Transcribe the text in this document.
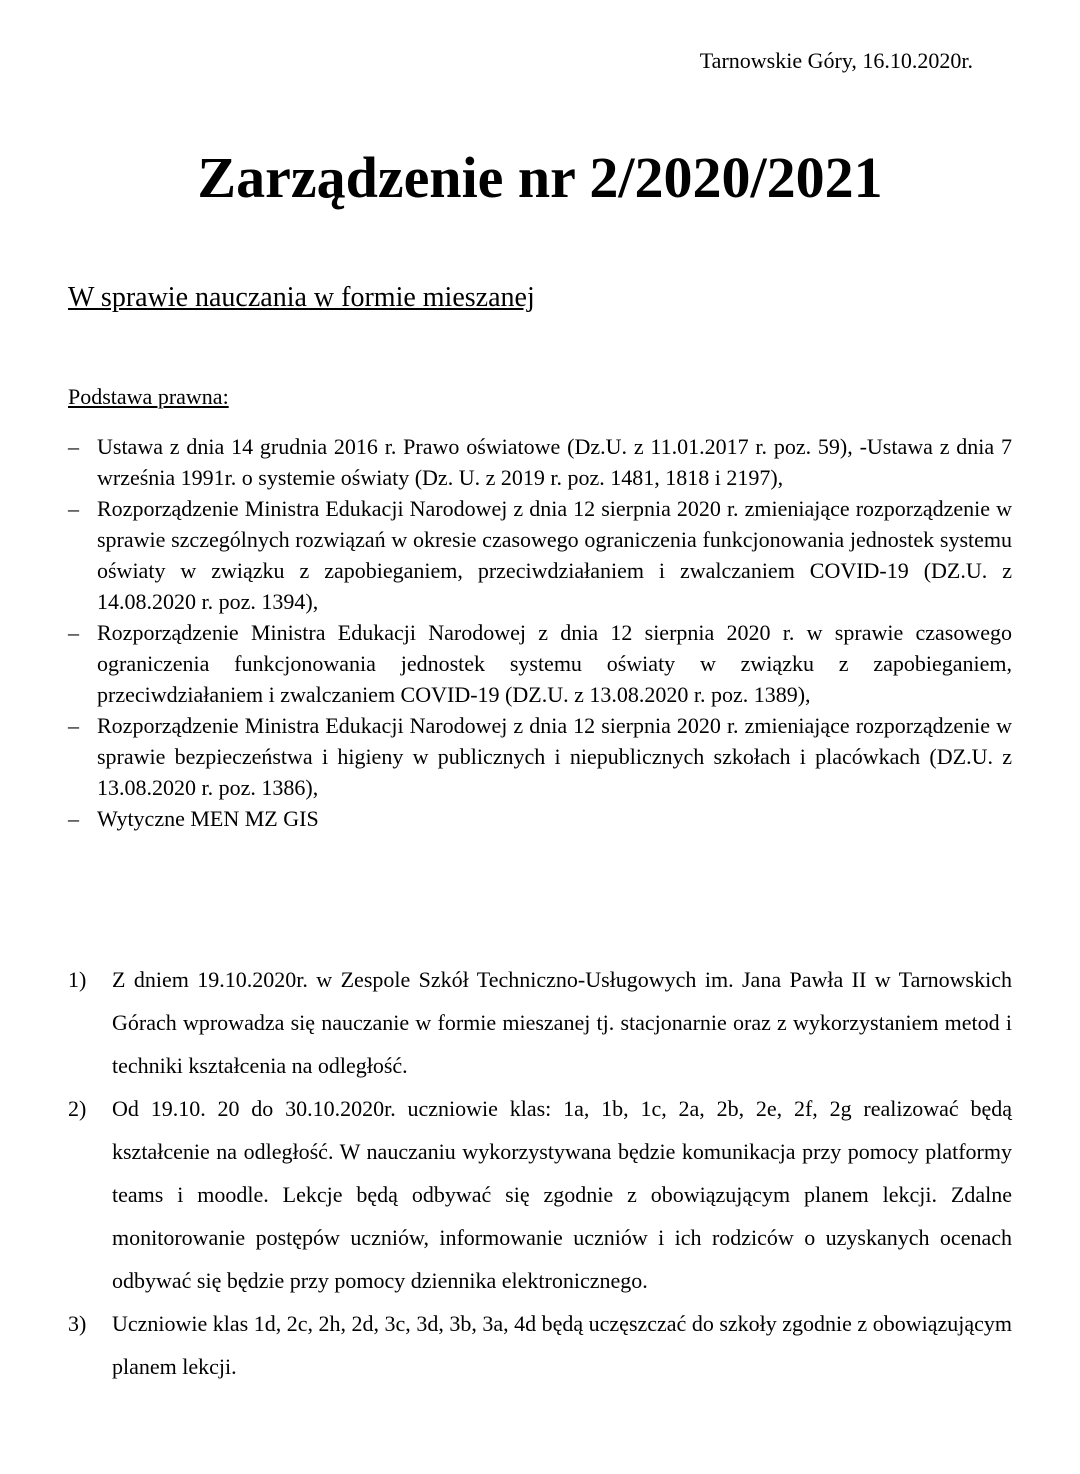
Tarnowskie Góry, 16.10.2020r.
Zarządzenie nr 2/2020/2021

W sprawie nauczania w formie mieszanej

Podstawa prawna:

– Ustawa z dnia 14 grudnia 2016 r. Prawo oświatowe (Dz.U. z 11.01.2017 r. poz. 59), -Ustawa z dnia 7 września 1991r. o systemie oświaty (Dz. U. z 2019 r. poz. 1481, 1818 i 2197),
– Rozporządzenie Ministra Edukacji Narodowej z dnia 12 sierpnia 2020 r. zmieniające rozporządzenie w sprawie szczególnych rozwiązań w okresie czasowego ograniczenia funkcjonowania jednostek systemu oświaty w związku z zapobieganiem, przeciwdziałaniem i zwalczaniem COVID-19 (DZ.U. z 14.08.2020 r. poz. 1394),
– Rozporządzenie Ministra Edukacji Narodowej z dnia 12 sierpnia 2020 r. w sprawie czasowego ograniczenia funkcjonowania jednostek systemu oświaty w związku z zapobieganiem, przeciwdziałaniem i zwalczaniem COVID-19 (DZ.U. z 13.08.2020 r. poz. 1389),
– Rozporządzenie Ministra Edukacji Narodowej z dnia 12 sierpnia 2020 r. zmieniające rozporządzenie w sprawie bezpieczeństwa i higieny w publicznych i niepublicznych szkołach i placówkach (DZ.U. z 13.08.2020 r. poz. 1386),
– Wytyczne MEN MZ GIS
1) Z dniem 19.10.2020r. w Zespole Szkół Techniczno-Usługowych im. Jana Pawła II w Tarnowskich Górach wprowadza się nauczanie w formie mieszanej tj. stacjonarnie oraz z wykorzystaniem metod i techniki kształcenia na odległość.
2) Od 19.10. 20 do 30.10.2020r. uczniowie klas: 1a, 1b, 1c, 2a, 2b, 2e, 2f, 2g realizować będą kształcenie na odległość. W nauczaniu wykorzystywana będzie komunikacja przy pomocy platformy teams i moodle. Lekcje będą odbywać się zgodnie z obowiązującym planem lekcji. Zdalne monitorowanie postępów uczniów, informowanie uczniów i ich rodziców o uzyskanych ocenach odbywać się będzie przy pomocy dziennika elektronicznego.
3) Uczniowie klas 1d, 2c, 2h, 2d, 3c, 3d, 3b, 3a, 4d będą uczęszczać do szkoły zgodnie z obowiązującym planem lekcji.
